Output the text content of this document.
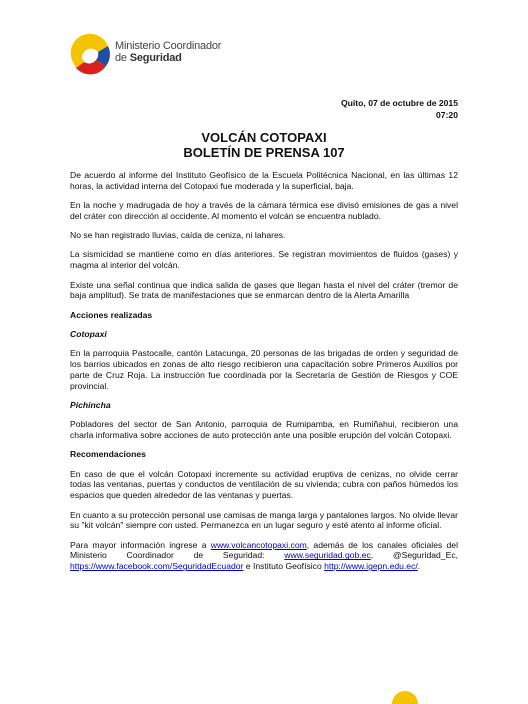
Ministerio Coordinador
de Seguridad
Quito, 07 de octubre de 2015
07:20
VOLCÁN COTOPAXI
BOLETÍN DE PRENSA 107

De acuerdo al informe del Instituto Geofísico de la Escuela Politécnica Nacional, en las últimas 12 horas, la actividad interna del Cotopaxi fue moderada y la superficial, baja.

En la noche y madrugada de hoy a través de la cámara térmica ese divisó emisiones de gas a nivel del cráter con dirección al occidente. Al momento el volcán se encuentra nublado.

No se han registrado lluvias, caída de ceniza, ni lahares.

La sismicidad se mantiene como en días anteriores. Se registran movimientos de fluidos (gases) y magma al interior del volcán.

Existe una señal continua que indica salida de gases que llegan hasta el nivel del cráter (tremor de baja amplitud). Se trata de manifestaciones que se enmarcan dentro de la Alerta Amarilla

Acciones realizadas
Cotopaxi

En la parroquia Pastocalle, cantón Latacunga, 20 personas de las brigadas de orden y seguridad de los barrios ubicados en zonas de alto riesgo recibieron una capacitación sobre Primeros Auxilios por parte de Cruz Roja. La instrucción fue coordinada por la Secretaría de Gestión de Riesgos y COE provincial.

Pichincha

Pobladores del sector de San Antonio, parroquia de Rumipamba, en Rumiñahui, recibieron una charla informativa sobre acciones de auto protección ante una posible erupción del volcán Cotopaxi.

Recomendaciones

En caso de que el volcán Cotopaxi incremente su actividad eruptiva de cenizas, no olvide cerrar todas las ventanas, puertas y conductos de ventilación de su vivienda; cubra con paños húmedos los espacios que queden alrededor de las ventanas y puertas.

En cuanto a su protección personal use camisas de manga larga y pantalones largos. No olvide llevar su "kit volcán" siempre con usted. Permanezca en un lugar seguro y esté atento al informe oficial.

Para mayor información ingrese a www.volcancotopaxi.com, además de los canales oficiales del Ministerio Coordinador de Seguridad: www.seguridad.gob.ec, @Seguridad_Ec, https://www.facebook.com/SeguridadEcuador e Instituto Geofísico http://www.igepn.edu.ec/.
